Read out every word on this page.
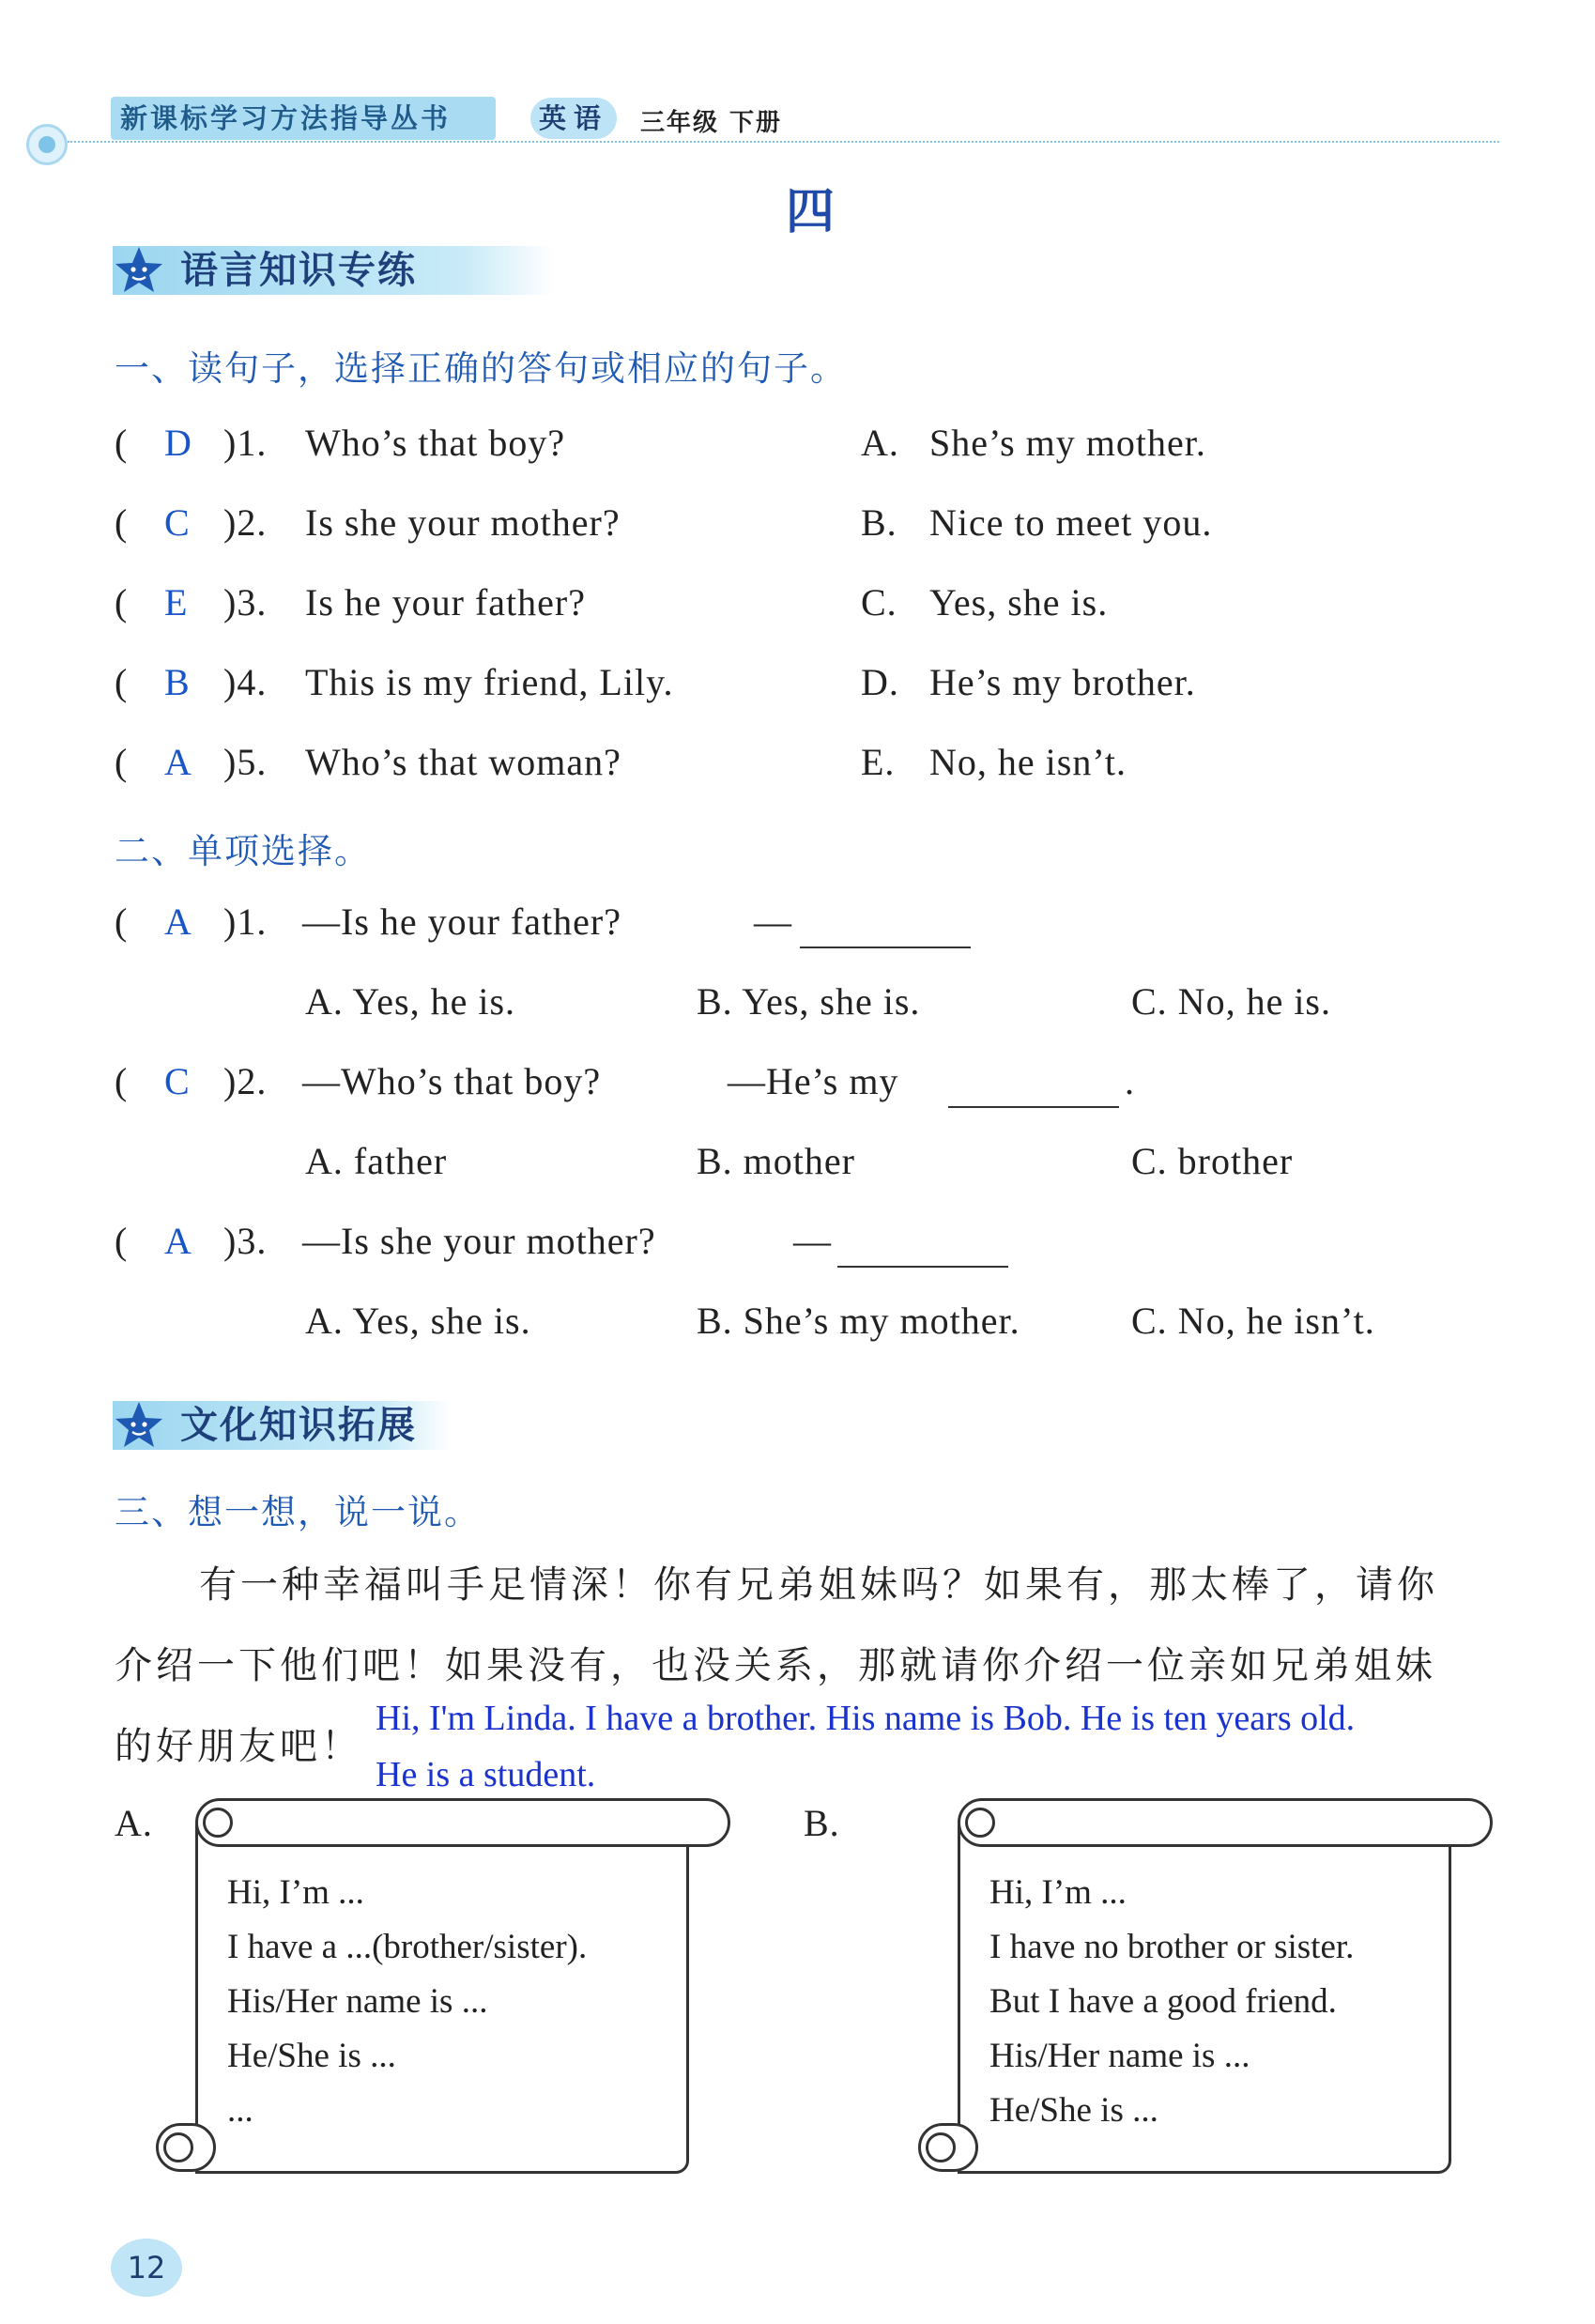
新课标学习方法指导丛书	英语	三年级 下册
四
语言知识专练
一、读句子，选择正确的答句或相应的句子。
( D )1. Who’s that boy?	A. She’s my mother.
( C )2. Is she your mother?	B. Nice to meet you.
( E )3. Is he your father?	C. Yes, she is.
( B )4. This is my friend, Lily.	D. He’s my brother.
( A )5. Who’s that woman?	E. No, he isn’t.
二、单项选择。
( A )1. —Is he your father?	—
A. Yes, he is.	B. Yes, she is.	C. No, he is.
( C )2. —Who’s that boy?	—He’s my	.
A. father	B. mother	C. brother
( A )3. —Is she your mother?	—
A. Yes, she is.	B. She’s my mother.	C. No, he isn’t.
文化知识拓展
三、想一想，说一说。
有一种幸福叫手足情深！你有兄弟姐妹吗？如果有，那太棒了，请你
介绍一下他们吧！如果没有，也没关系，那就请你介绍一位亲如兄弟姐妹
的好朋友吧！
Hi, I'm Linda. I have a brother. His name is Bob. He is ten years old.
He is a student.
A.
Hi, I’m ...
I have a ...(brother/sister).
His/Her name is ...
He/She is ...
...
B.
Hi, I’m ...
I have no brother or sister.
But I have a good friend.
His/Her name is ...
He/She is ...
12
